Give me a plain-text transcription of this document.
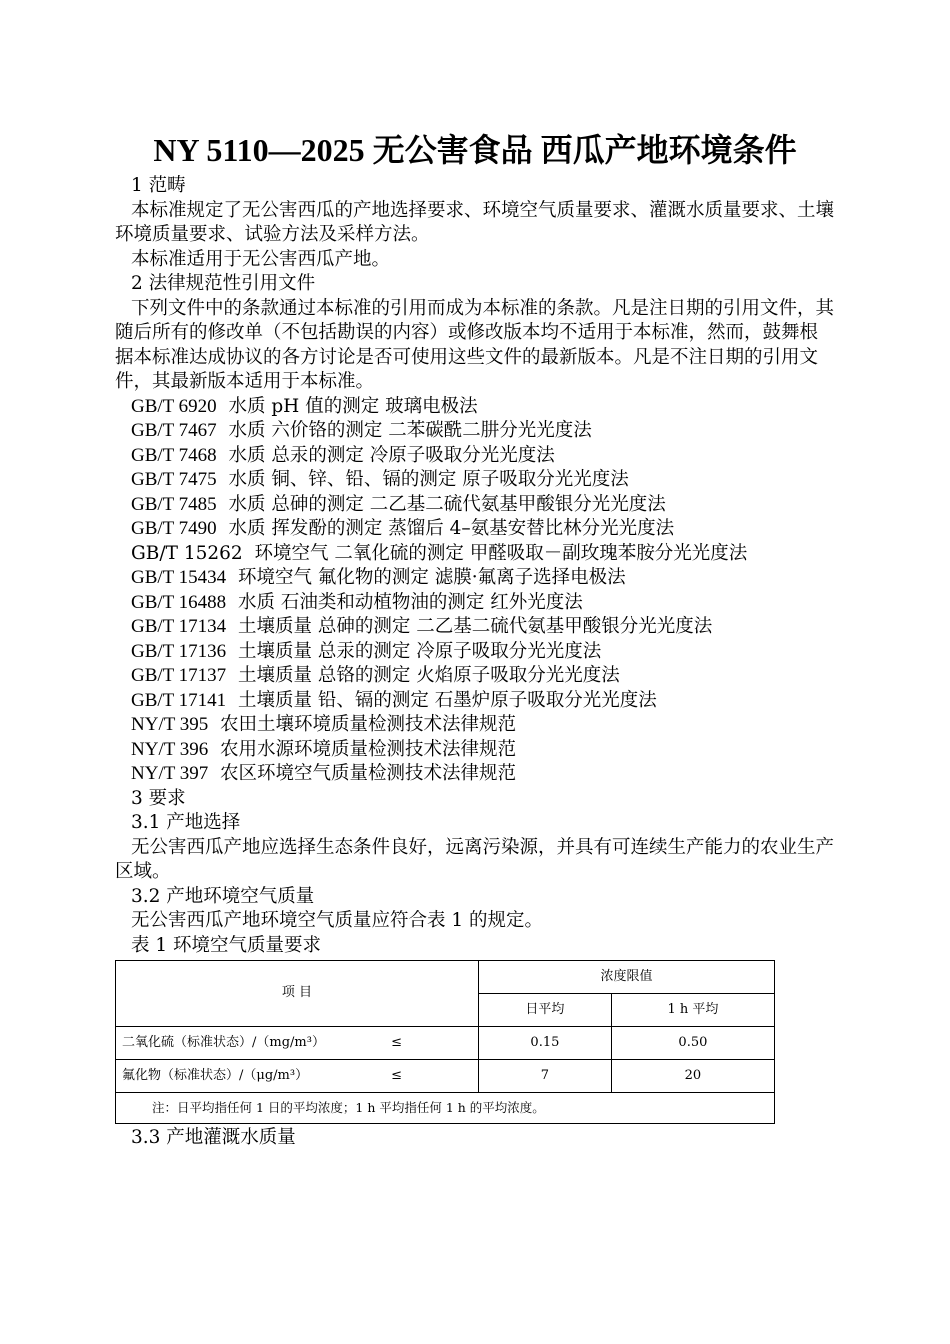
NY 5110—2025 无公害食品 西瓜产地环境条件

1 范畴

本标准规定了无公害西瓜的产地选择要求、环境空气质量要求、灌溉水质量要求、土壤环境质量要求、试验方法及采样方法。

本标准适用于无公害西瓜产地。

2 法律规范性引用文件

下列文件中的条款通过本标准的引用而成为本标准的条款。凡是注日期的引用文件，其随后所有的修改单（不包括勘误的内容）或修改版本均不适用于本标准，然而，鼓舞根据本标准达成协议的各方讨论是否可使用这些文件的最新版本。凡是不注日期的引用文件，其最新版本适用于本标准。

GB/T 6920 水质 pH 值的测定 玻璃电极法

GB/T 7467 水质 六价铬的测定 二苯碳酰二肼分光光度法

GB/T 7468 水质 总汞的测定 冷原子吸取分光光度法

GB/T 7475 水质 铜、锌、铅、镉的测定 原子吸取分光光度法

GB/T 7485 水质 总砷的测定 二乙基二硫代氨基甲酸银分光光度法

GB/T 7490 水质 挥发酚的测定 蒸馏后 4–氨基安替比林分光光度法

GB/T 15262 环境空气 二氧化硫的测定 甲醛吸取－副玫瑰苯胺分光光度法

GB/T 15434 环境空气 氟化物的测定 滤膜·氟离子选择电极法

GB/T 16488 水质 石油类和动植物油的测定 红外光度法

GB/T 17134 土壤质量 总砷的测定 二乙基二硫代氨基甲酸银分光光度法

GB/T 17136 土壤质量 总汞的测定 冷原子吸取分光光度法

GB/T 17137 土壤质量 总铬的测定 火焰原子吸取分光光度法

GB/T 17141 土壤质量 铅、镉的测定 石墨炉原子吸取分光光度法

NY/T 395 农田土壤环境质量检测技术法律规范

NY/T 396 农用水源环境质量检测技术法律规范

NY/T 397 农区环境空气质量检测技术法律规范

3 要求

3.1 产地选择

无公害西瓜产地应选择生态条件良好，远离污染源，并具有可连续生产能力的农业生产区域。

3.2 产地环境空气质量

无公害西瓜产地环境空气质量应符合表 1 的规定。

表 1 环境空气质量要求

项 目	浓度限值	
	日平均	1 h 平均
二氧化硫（标准状态）/（mg/m³） ≤	0.15	0.50
氟化物（标准状态）/（μg/m³） ≤	7	20
注：日平均指任何 1 日的平均浓度；1 h 平均指任何 1 h 的平均浓度。		

3.3 产地灌溉水质量
